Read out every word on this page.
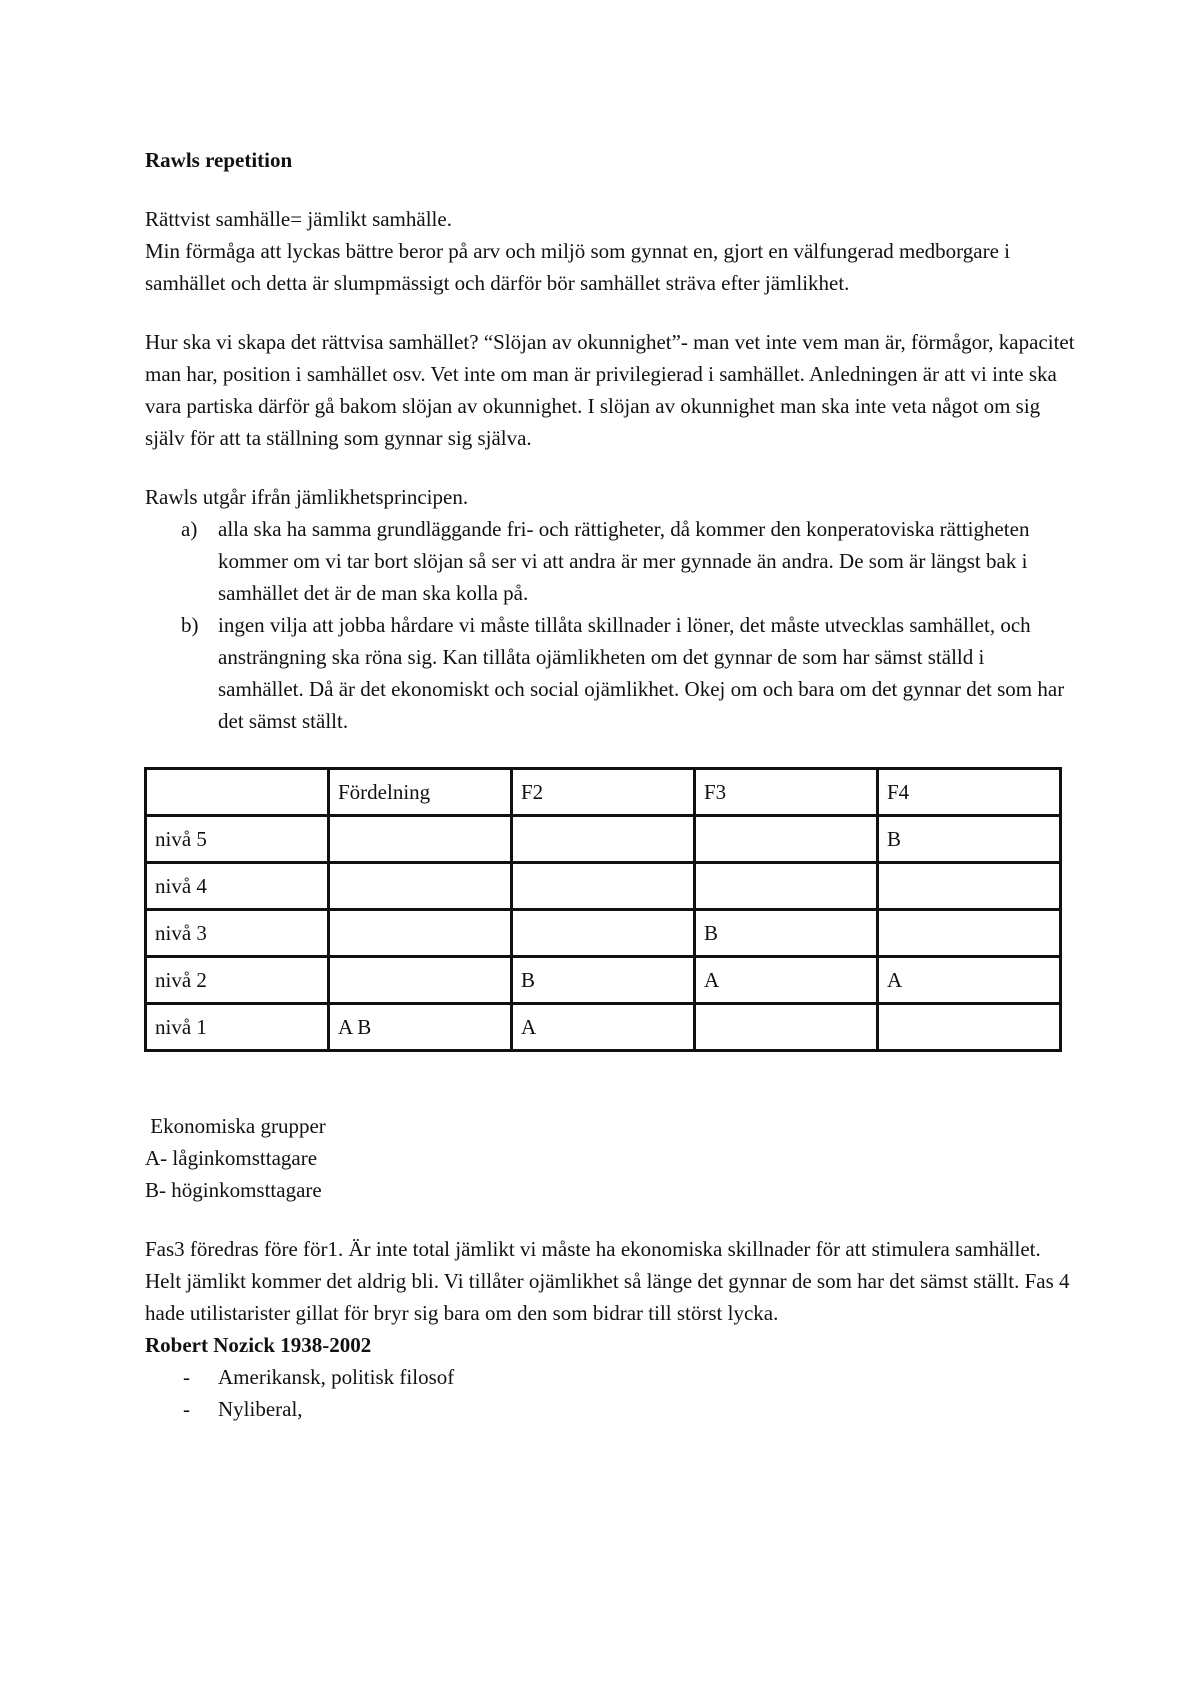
Rawls repetition

Rättvist samhälle= jämlikt samhälle.

Min förmåga att lyckas bättre beror på arv och miljö som gynnat en, gjort en välfungerad medborgare i samhället och detta är slumpmässigt och därför bör samhället sträva efter jämlikhet.

Hur ska vi skapa det rättvisa samhället? “Slöjan av okunnighet”- man vet inte vem man är, förmågor, kapacitet man har, position i samhället osv. Vet inte om man är privilegierad i samhället. Anledningen är att vi inte ska vara partiska därför gå bakom slöjan av okunnighet. I slöjan av okunnighet man ska inte veta något om sig själv för att ta ställning som gynnar sig själva.

Rawls utgår ifrån jämlikhetsprincipen.

a) alla ska ha samma grundläggande fri- och rättigheter, då kommer den konperatoviska rättigheten kommer om vi tar bort slöjan så ser vi att andra är mer gynnade än andra. De som är längst bak i samhället det är de man ska kolla på.
b) ingen vilja att jobba hårdare vi måste tillåta skillnader i löner, det måste utvecklas samhället, och ansträngning ska röna sig. Kan tillåta ojämlikheten om det gynnar de som har sämst ställd i samhället. Då är det ekonomiskt och social ojämlikhet. Okej om och bara om det gynnar det som har det sämst ställt.
	Fördelning	F2	F3	F4
nivå 5				B
nivå 4				
nivå 3			B	
nivå 2		B	A	A
nivå 1	A B	A		

Ekonomiska grupper

A- låginkomsttagare

B- höginkomsttagare

Fas3 föredras före för1. Är inte total jämlikt vi måste ha ekonomiska skillnader för att stimulera samhället. Helt jämlikt kommer det aldrig bli. Vi tillåter ojämlikhet så länge det gynnar de som har det sämst ställt. Fas 4 hade utilistarister gillat för bryr sig bara om den som bidrar till störst lycka.

Robert Nozick 1938-2002

- Amerikansk, politisk filosof
- Nyliberal,
